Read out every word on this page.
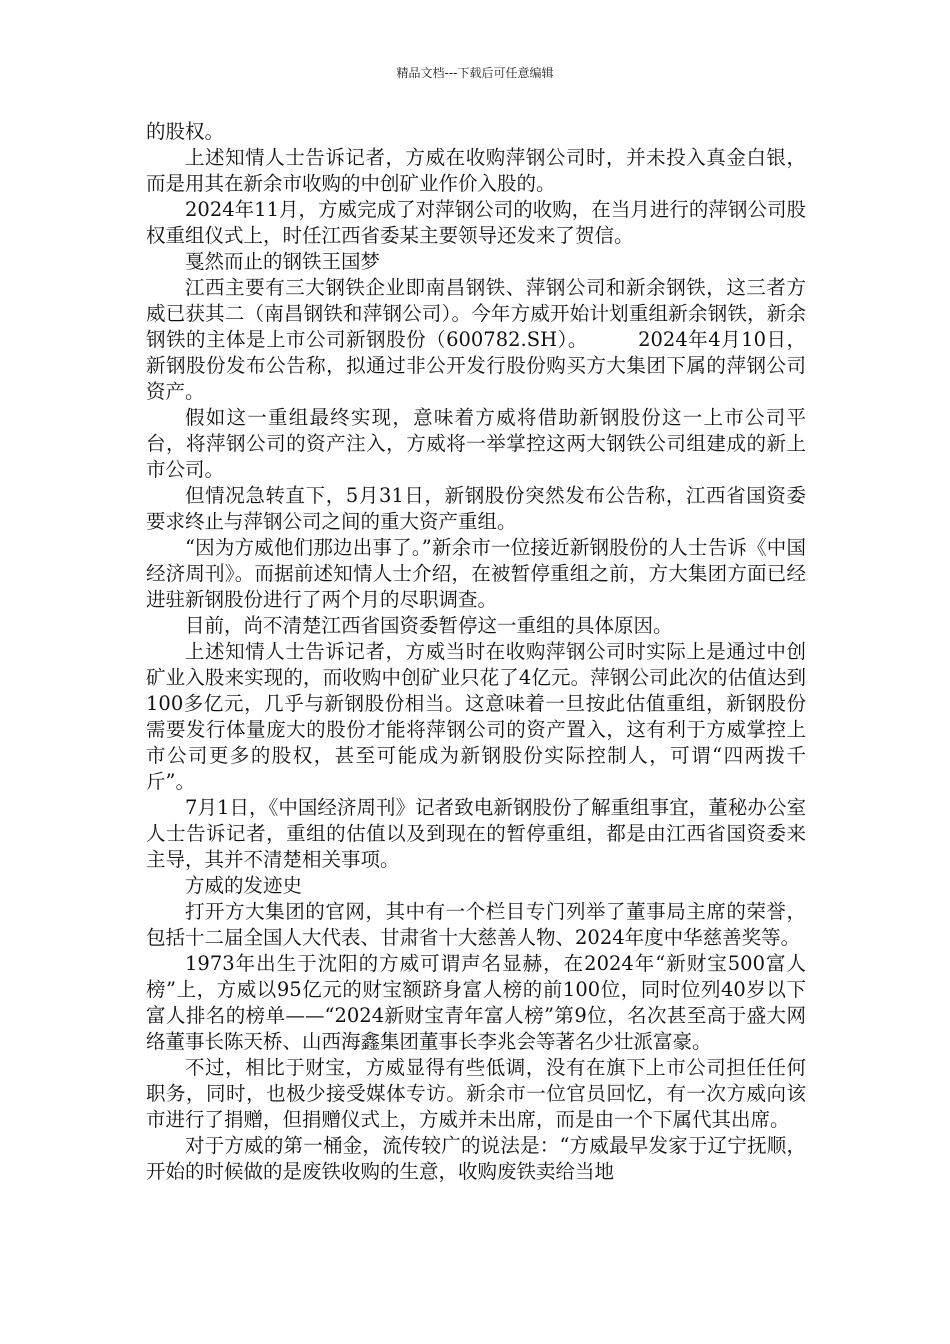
精品文档---下载后可任意编辑

的股权。

上述知情人士告诉记者，方威在收购萍钢公司时，并未投入真金白银，而是用其在新余市收购的中创矿业作价入股的。

2024年11月，方威完成了对萍钢公司的收购，在当月进行的萍钢公司股权重组仪式上，时任江西省委某主要领导还发来了贺信。

戛然而止的钢铁王国梦

江西主要有三大钢铁企业即南昌钢铁、萍钢公司和新余钢铁，这三者方威已获其二（南昌钢铁和萍钢公司）。今年方威开始计划重组新余钢铁，新余钢铁的主体是上市公司新钢股份（600782.SH）。　　　2024年4月10日，新钢股份发布公告称，拟通过非公开发行股份购买方大集团下属的萍钢公司资产。

假如这一重组最终实现，意味着方威将借助新钢股份这一上市公司平台，将萍钢公司的资产注入，方威将一举掌控这两大钢铁公司组建成的新上市公司。

但情况急转直下，5月31日，新钢股份突然发布公告称，江西省国资委要求终止与萍钢公司之间的重大资产重组。

“因为方威他们那边出事了。”新余市一位接近新钢股份的人士告诉《中国经济周刊》。而据前述知情人士介绍，在被暂停重组之前，方大集团方面已经进驻新钢股份进行了两个月的尽职调查。

目前，尚不清楚江西省国资委暂停这一重组的具体原因。

上述知情人士告诉记者，方威当时在收购萍钢公司时实际上是通过中创矿业入股来实现的，而收购中创矿业只花了4亿元。萍钢公司此次的估值达到100多亿元，几乎与新钢股份相当。这意味着一旦按此估值重组，新钢股份需要发行体量庞大的股份才能将萍钢公司的资产置入，这有利于方威掌控上市公司更多的股权，甚至可能成为新钢股份实际控制人，可谓“四两拨千斤”。

7月1日，《中国经济周刊》记者致电新钢股份了解重组事宜，董秘办公室人士告诉记者，重组的估值以及到现在的暂停重组，都是由江西省国资委来主导，其并不清楚相关事项。

方威的发迹史

打开方大集团的官网，其中有一个栏目专门列举了董事局主席的荣誉，包括十二届全国人大代表、甘肃省十大慈善人物、2024年度中华慈善奖等。

1973年出生于沈阳的方威可谓声名显赫，在2024年“新财宝500富人榜”上，方威以95亿元的财宝额跻身富人榜的前100位，同时位列40岁以下富人排名的榜单——“2024新财宝青年富人榜”第9位，名次甚至高于盛大网络董事长陈天桥、山西海鑫集团董事长李兆会等著名少壮派富豪。

不过，相比于财宝，方威显得有些低调，没有在旗下上市公司担任任何职务，同时，也极少接受媒体专访。新余市一位官员回忆，有一次方威向该市进行了捐赠，但捐赠仪式上，方威并未出席，而是由一个下属代其出席。

对于方威的第一桶金，流传较广的说法是：“方威最早发家于辽宁抚顺，开始的时候做的是废铁收购的生意，收购废铁卖给当地
